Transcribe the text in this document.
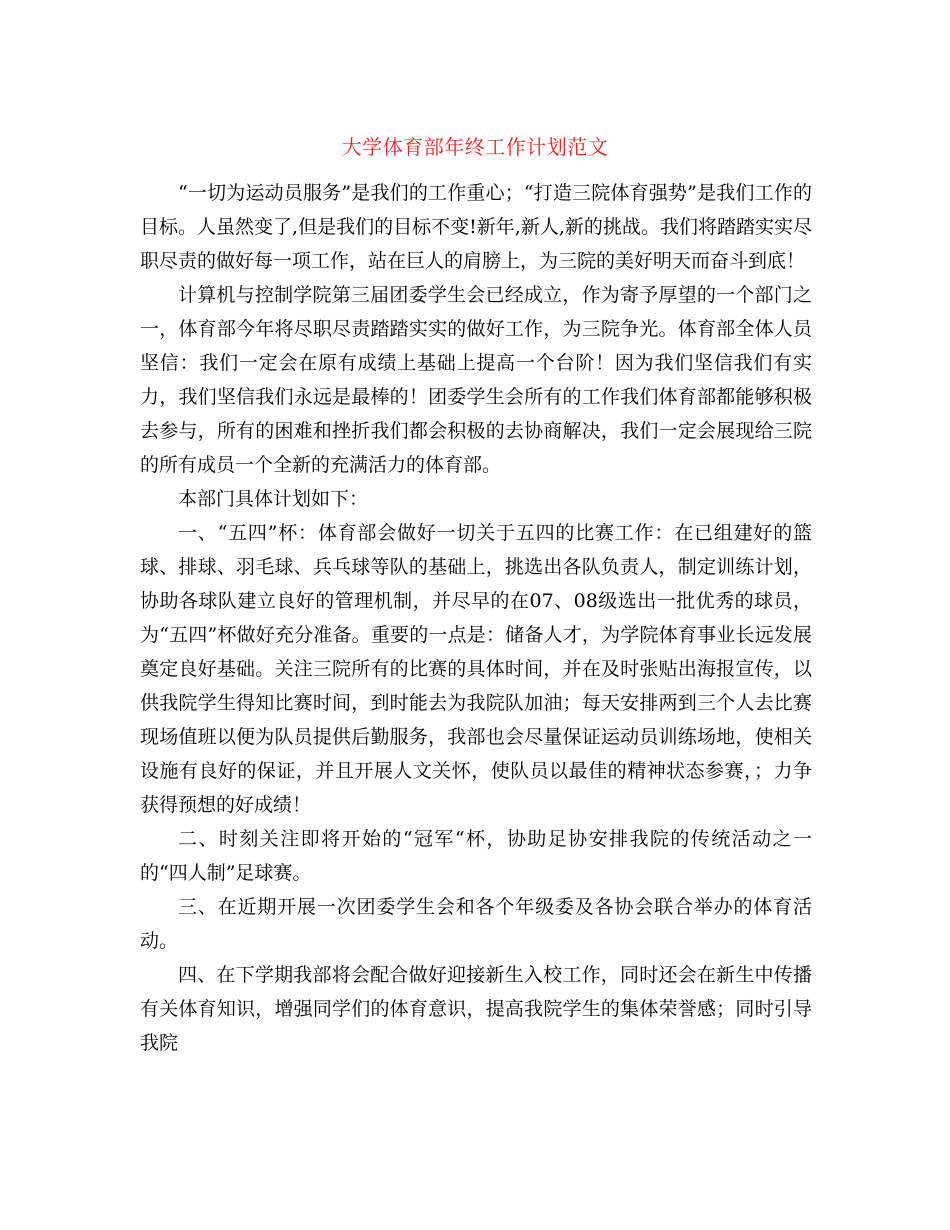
大学体育部年终工作计划范文

“一切为运动员服务”是我们的工作重心；“打造三院体育强势”是我们工作的目标。人虽然变了,但是我们的目标不变!新年,新人,新的挑战。我们将踏踏实实尽职尽责的做好每一项工作，站在巨人的肩膀上，为三院的美好明天而奋斗到底！

计算机与控制学院第三届团委学生会已经成立，作为寄予厚望的一个部门之一，体育部今年将尽职尽责踏踏实实的做好工作，为三院争光。体育部全体人员坚信：我们一定会在原有成绩上基础上提高一个台阶！因为我们坚信我们有实力，我们坚信我们永远是最棒的！团委学生会所有的工作我们体育部都能够积极去参与，所有的困难和挫折我们都会积极的去协商解决，我们一定会展现给三院的所有成员一个全新的充满活力的体育部。

本部门具体计划如下：

一、“五四”杯：体育部会做好一切关于五四的比赛工作：在已组建好的篮球、排球、羽毛球、兵乓球等队的基础上，挑选出各队负责人，制定训练计划，协助各球队建立良好的管理机制，并尽早的在07、08级选出一批优秀的球员，为“五四”杯做好充分准备。重要的一点是：储备人才，为学院体育事业长远发展奠定良好基础。关注三院所有的比赛的具体时间，并在及时张贴出海报宣传，以供我院学生得知比赛时间，到时能去为我院队加油；每天安排两到三个人去比赛现场值班以便为队员提供后勤服务，我部也会尽量保证运动员训练场地，使相关设施有良好的保证，并且开展人文关怀，使队员以最佳的精神状态参赛，；力争获得预想的好成绩！

二、时刻关注即将开始的“冠军“杯，协助足协安排我院的传统活动之一的“四人制”足球赛。

三、在近期开展一次团委学生会和各个年级委及各协会联合举办的体育活动。

四、在下学期我部将会配合做好迎接新生入校工作，同时还会在新生中传播有关体育知识，增强同学们的体育意识，提高我院学生的集体荣誉感；同时引导我院
